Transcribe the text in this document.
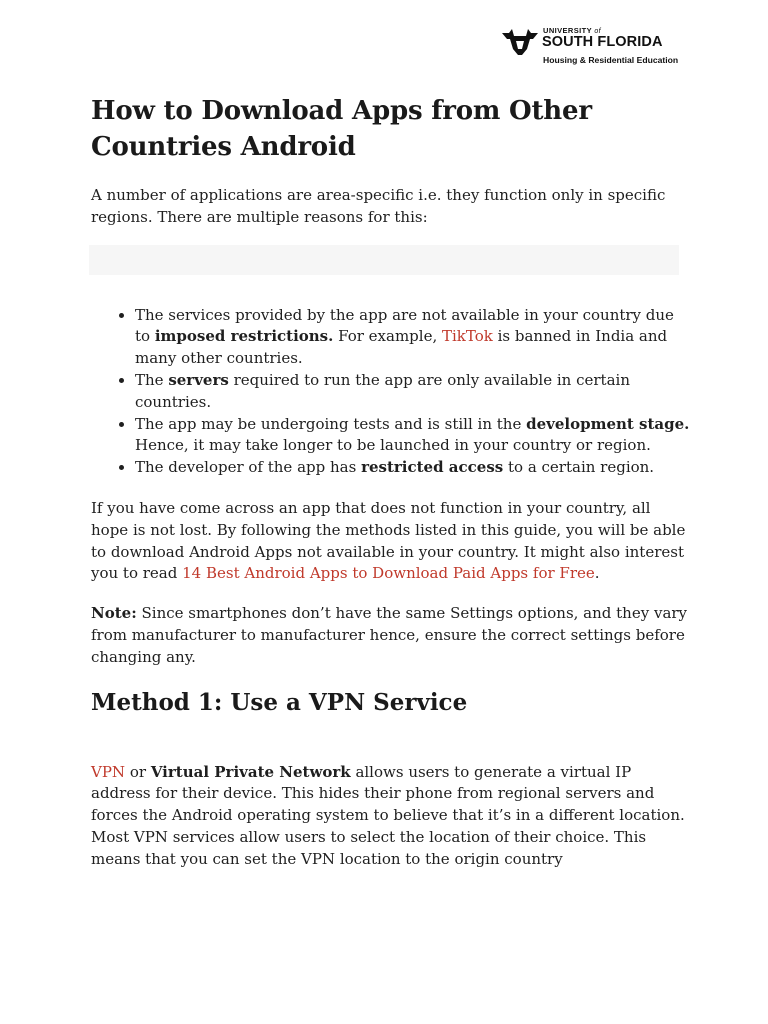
UNIVERSITY of
SOUTH FLORIDA
Housing & Residential Education
How to Download Apps from Other Countries Android

A number of applications are area-specific i.e. they function only in specific regions. There are multiple reasons for this:

• The services provided by the app are not available in your country due to imposed restrictions. For example, TikTok is banned in India and many other countries.
• The servers required to run the app are only available in certain countries.
• The app may be undergoing tests and is still in the development stage. Hence, it may take longer to be launched in your country or region.
• The developer of the app has restricted access to a certain region.

If you have come across an app that does not function in your country, all hope is not lost. By following the methods listed in this guide, you will be able to download Android Apps not available in your country. It might also interest you to read 14 Best Android Apps to Download Paid Apps for Free.

Note: Since smartphones don’t have the same Settings options, and they vary from manufacturer to manufacturer hence, ensure the correct settings before changing any.

Method 1: Use a VPN Service

VPN or Virtual Private Network allows users to generate a virtual IP address for their device. This hides their phone from regional servers and forces the Android operating system to believe that it’s in a different location. Most VPN services allow users to select the location of their choice. This means that you can set the VPN location to the origin country
